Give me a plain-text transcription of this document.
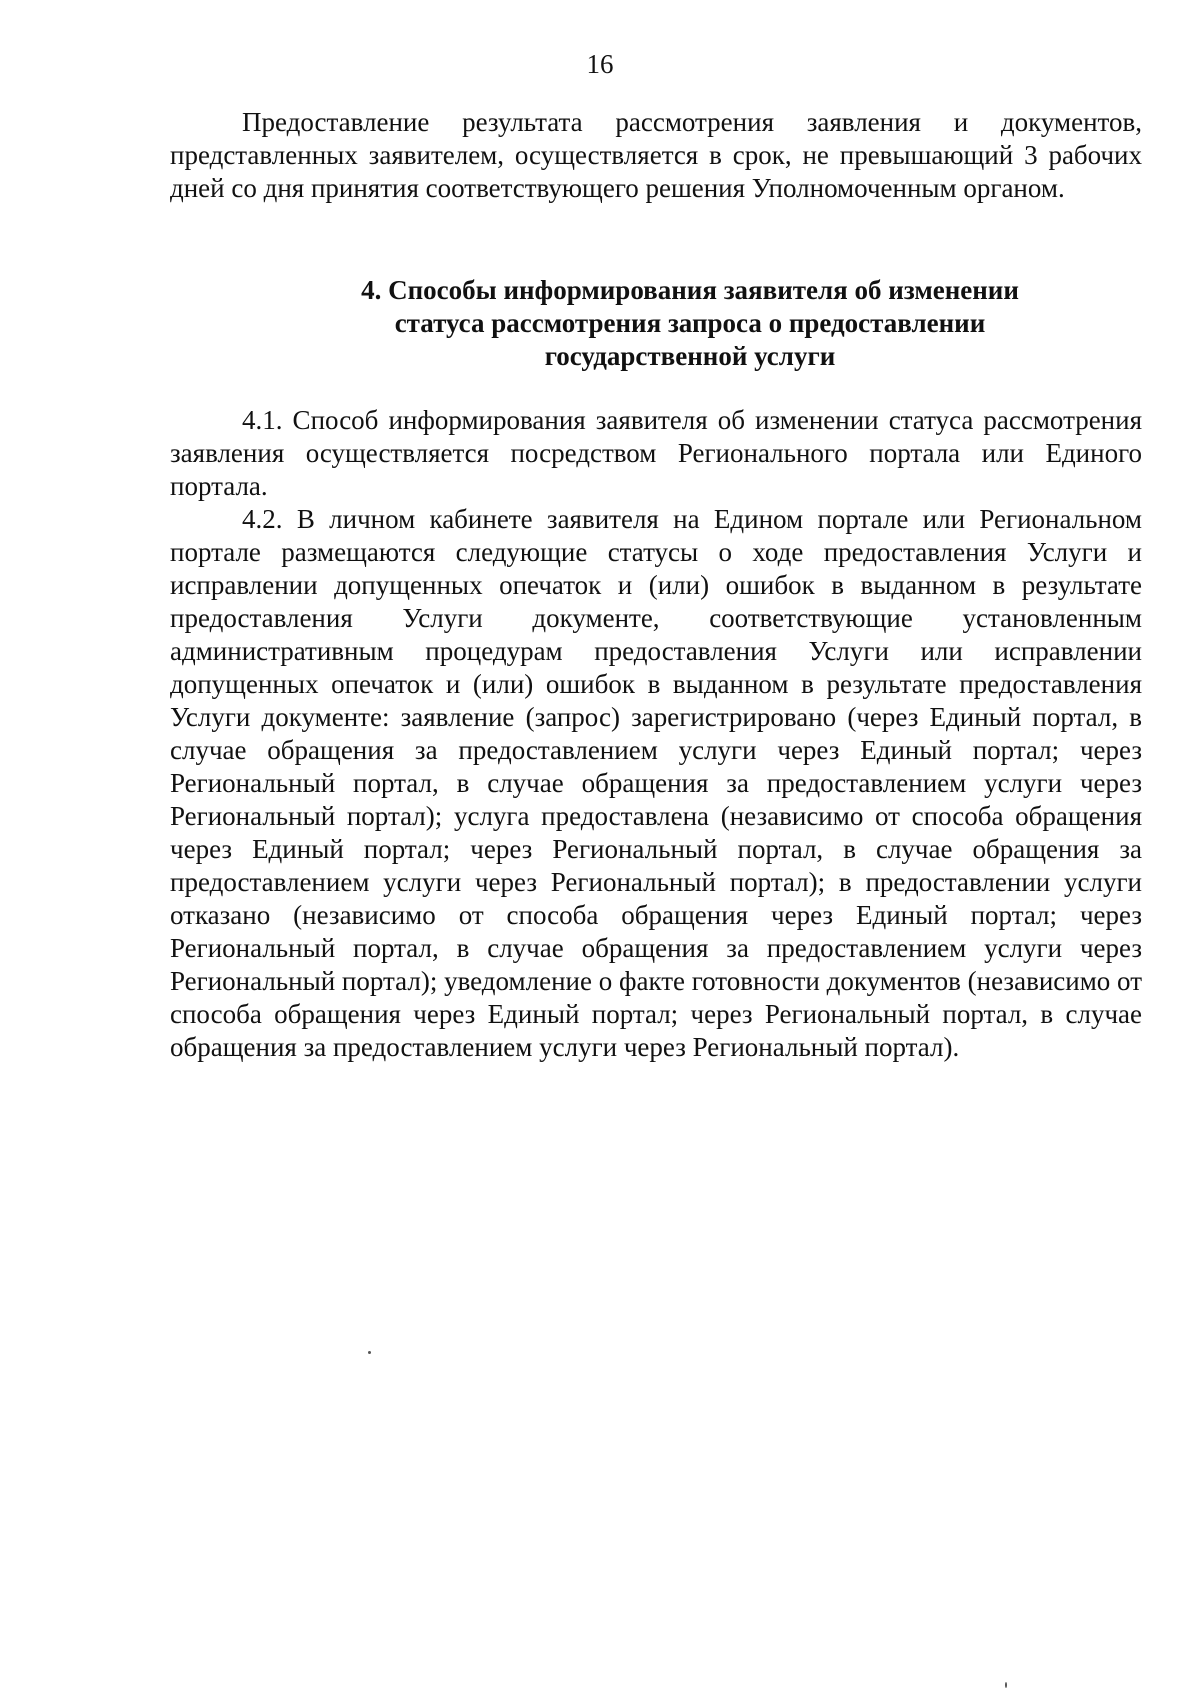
16

Предоставление результата рассмотрения заявления и документов, представленных заявителем, осуществляется в срок, не превышающий 3 рабочих дней со дня принятия соответствующего решения Уполномоченным органом.

4. Способы информирования заявителя об изменении
статуса рассмотрения запроса о предоставлении
государственной услуги

4.1. Способ информирования заявителя об изменении статуса рассмотрения заявления осуществляется посредством Регионального портала или Единого портала.

4.2. В личном кабинете заявителя на Едином портале или Региональном портале размещаются следующие статусы о ходе предоставления Услуги и исправлении допущенных опечаток и (или) ошибок в выданном в результате предоставления Услуги документе, соответствующие установленным административным процедурам предоставления Услуги или исправлении допущенных опечаток и (или) ошибок в выданном в результате предоставления Услуги документе: заявление (запрос) зарегистрировано (через Единый портал, в случае обращения за предоставлением услуги через Единый портал; через Региональный портал, в случае обращения за предоставлением услуги через Региональный портал); услуга предоставлена (независимо от способа обращения через Единый портал; через Региональный портал, в случае обращения за предоставлением услуги через Региональный портал); в предоставлении услуги отказано (независимо от способа обращения через Единый портал; через Региональный портал, в случае обращения за предоставлением услуги через Региональный портал); уведомление о факте готовности документов (независимо от способа обращения через Единый портал; через Региональный портал, в случае обращения за предоставлением услуги через Региональный портал).
